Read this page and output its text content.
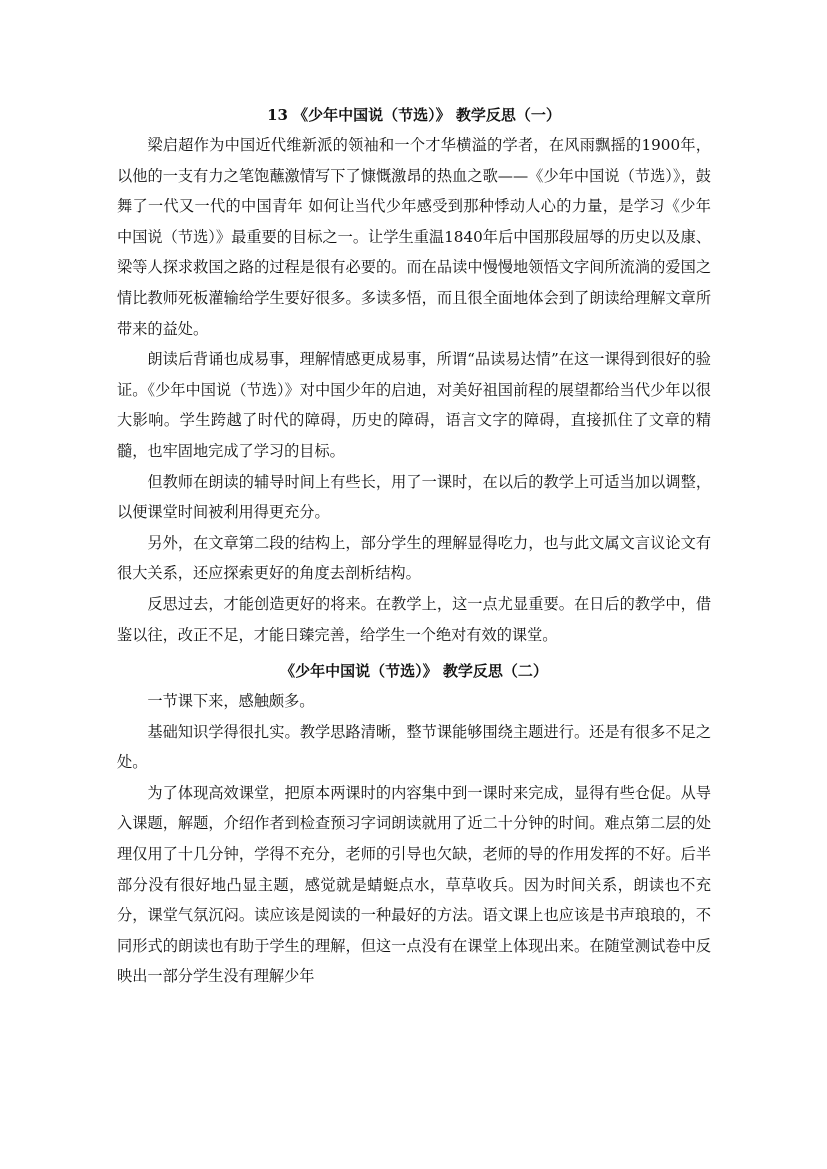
13 《少年中国说（节选）》 教学反思（一）

梁启超作为中国近代维新派的领袖和一个才华横溢的学者，在风雨飘摇的1900年，以他的一支有力之笔饱蘸激情写下了慷慨激昂的热血之歌——《少年中国说（节选）》，鼓舞了一代又一代的中国青年 如何让当代少年感受到那种悸动人心的力量，是学习《少年中国说（节选）》最重要的目标之一。让学生重温1840年后中国那段屈辱的历史以及康、梁等人探求救国之路的过程是很有必要的。而在品读中慢慢地领悟文字间所流淌的爱国之情比教师死板灌输给学生要好很多。多读多悟，而且很全面地体会到了朗读给理解文章所带来的益处。

朗读后背诵也成易事，理解情感更成易事，所谓“品读易达情”在这一课得到很好的验证。《少年中国说（节选）》对中国少年的启迪，对美好祖国前程的展望都给当代少年以很大影响。学生跨越了时代的障碍，历史的障碍，语言文字的障碍，直接抓住了文章的精髓，也牢固地完成了学习的目标。

但教师在朗读的辅导时间上有些长，用了一课时，在以后的教学上可适当加以调整，以便课堂时间被利用得更充分。

另外，在文章第二段的结构上，部分学生的理解显得吃力，也与此文属文言议论文有很大关系，还应探索更好的角度去剖析结构。

反思过去，才能创造更好的将来。在教学上，这一点尤显重要。在日后的教学中，借鉴以往，改正不足，才能日臻完善，给学生一个绝对有效的课堂。

《少年中国说（节选）》 教学反思（二）

一节课下来，感触颇多。

基础知识学得很扎实。教学思路清晰，整节课能够围绕主题进行。还是有很多不足之处。

为了体现高效课堂，把原本两课时的内容集中到一课时来完成，显得有些仓促。从导入课题，解题，介绍作者到检查预习字词朗读就用了近二十分钟的时间。难点第二层的处理仅用了十几分钟，学得不充分，老师的引导也欠缺，老师的导的作用发挥的不好。后半部分没有很好地凸显主题，感觉就是蜻蜓点水，草草收兵。因为时间关系，朗读也不充分，课堂气氛沉闷。读应该是阅读的一种最好的方法。语文课上也应该是书声琅琅的，不同形式的朗读也有助于学生的理解，但这一点没有在课堂上体现出来。在随堂测试卷中反映出一部分学生没有理解少年
